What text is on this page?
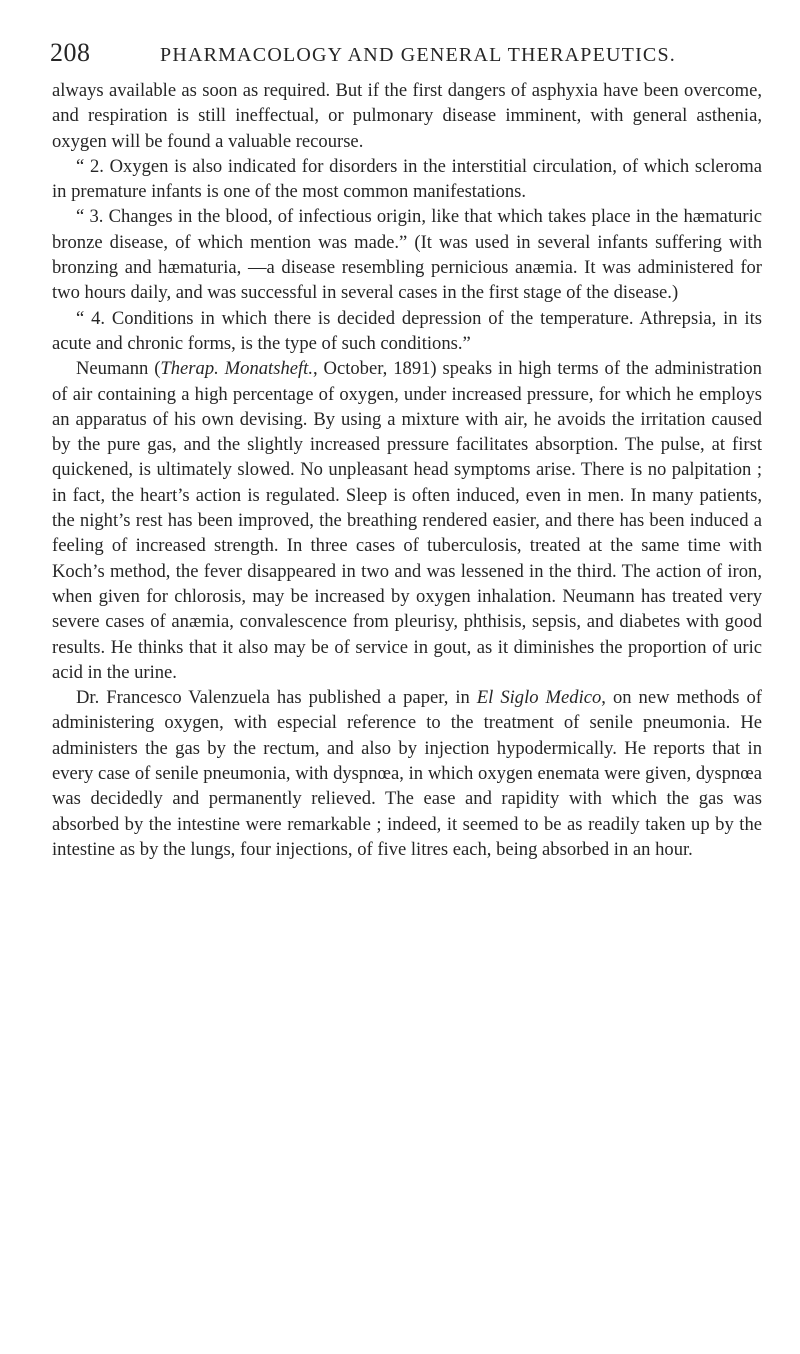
208	PHARMACOLOGY AND GENERAL THERAPEUTICS.

always available as soon as required. But if the first dangers of asphyxia have been overcome, and respiration is still ineffectual, or pulmonary disease imminent, with general asthenia, oxygen will be found a valuable recourse.

“ 2. Oxygen is also indicated for disorders in the interstitial circulation, of which scleroma in premature infants is one of the most common manifestations.

“ 3. Changes in the blood, of infectious origin, like that which takes place in the hæmaturic bronze disease, of which mention was made.” (It was used in several infants suffering with bronzing and hæmaturia, —a disease resembling pernicious anæmia. It was administered for two hours daily, and was successful in several cases in the first stage of the disease.)

“ 4. Conditions in which there is decided depression of the temperature. Athrepsia, in its acute and chronic forms, is the type of such conditions.”

Neumann (Therap. Monatsheft., October, 1891) speaks in high terms of the administration of air containing a high percentage of oxygen, under increased pressure, for which he employs an apparatus of his own devising. By using a mixture with air, he avoids the irritation caused by the pure gas, and the slightly increased pressure facilitates absorption. The pulse, at first quickened, is ultimately slowed. No unpleasant head symptoms arise. There is no palpitation ; in fact, the heart’s action is regulated. Sleep is often induced, even in men. In many patients, the night’s rest has been improved, the breathing rendered easier, and there has been induced a feeling of increased strength. In three cases of tuberculosis, treated at the same time with Koch’s method, the fever disappeared in two and was lessened in the third. The action of iron, when given for chlorosis, may be increased by oxygen inhalation. Neumann has treated very severe cases of anæmia, convalescence from pleurisy, phthisis, sepsis, and diabetes with good results. He thinks that it also may be of service in gout, as it diminishes the proportion of uric acid in the urine.

Dr. Francesco Valenzuela has published a paper, in El Siglo Medico, on new methods of administering oxygen, with especial reference to the treatment of senile pneumonia. He administers the gas by the rectum, and also by injection hypodermically. He reports that in every case of senile pneumonia, with dyspnœa, in which oxygen enemata were given, dyspnœa was decidedly and permanently relieved. The ease and rapidity with which the gas was absorbed by the intestine were remarkable ; indeed, it seemed to be as readily taken up by the intestine as by the lungs, four injections, of five litres each, being absorbed in an hour.
